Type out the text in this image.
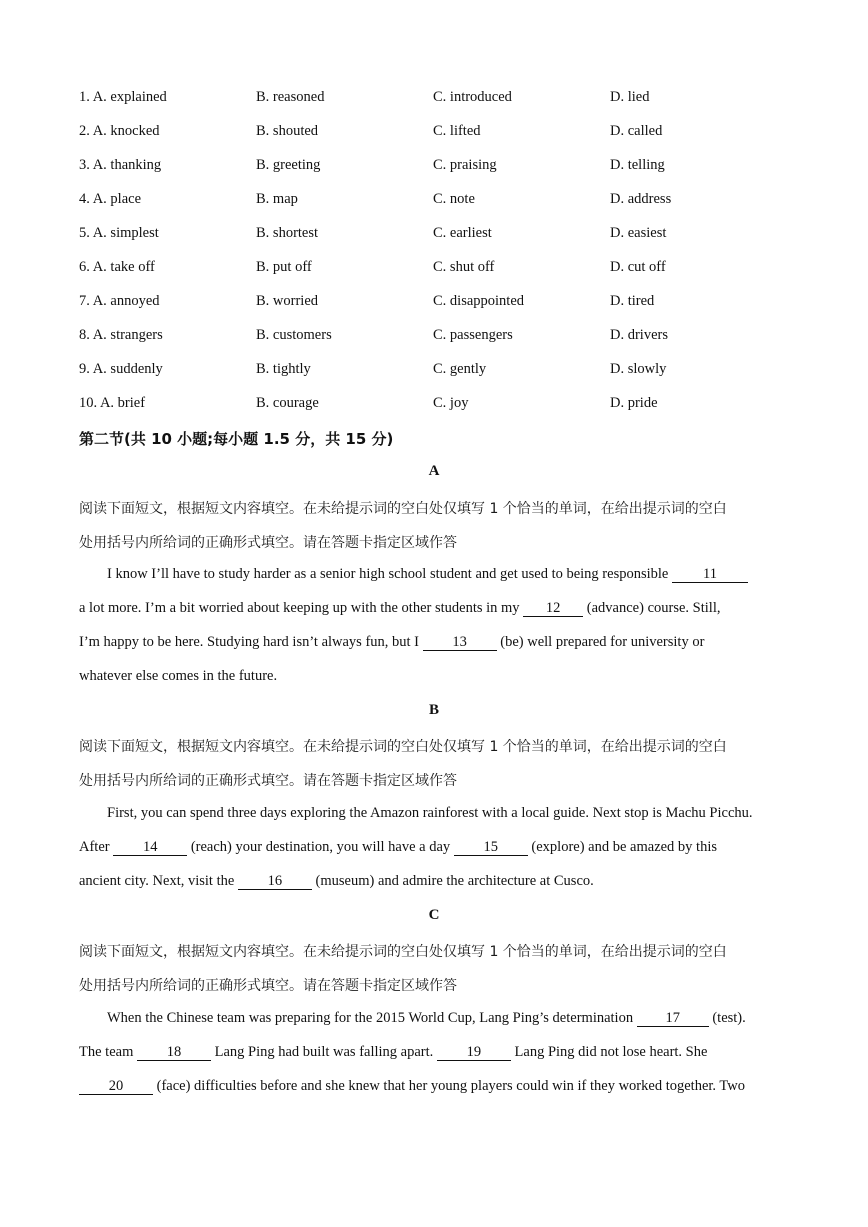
1. A. explained	B. reasoned	C. introduced	D. lied
2. A. knocked	B. shouted	C. lifted	D. called
3. A. thanking	B. greeting	C. praising	D. telling
4. A. place	B. map	C. note	D. address
5. A. simplest	B. shortest	C. earliest	D. easiest
6. A. take off	B. put off	C. shut off	D. cut off
7. A. annoyed	B. worried	C. disappointed	D. tired
8. A. strangers	B. customers	C. passengers	D. drivers
9. A. suddenly	B. tightly	C. gently	D. slowly
10. A. brief	B. courage	C. joy	D. pride
第二节(共 10 小题;每小题 1.5 分，共 15 分)
A
阅读下面短文，根据短文内容填空。在未给提示词的空白处仅填写 1 个恰当的单词，在给出提示词的空白
处用括号内所给词的正确形式填空。请在答题卡指定区域作答
I know I’ll have to study harder as a senior high school student and get used to being responsible 11
a lot more. I’m a bit worried about keeping up with the other students in my 12 (advance) course. Still,
I’m happy to be here. Studying hard isn’t always fun, but I 13 (be) well prepared for university or
whatever else comes in the future.
B
阅读下面短文，根据短文内容填空。在未给提示词的空白处仅填写 1 个恰当的单词，在给出提示词的空白
处用括号内所给词的正确形式填空。请在答题卡指定区域作答
First, you can spend three days exploring the Amazon rainforest with a local guide. Next stop is Machu Picchu.
After 14 (reach) your destination, you will have a day 15 (explore) and be amazed by this
ancient city. Next, visit the 16 (museum) and admire the architecture at Cusco.
C
阅读下面短文，根据短文内容填空。在未给提示词的空白处仅填写 1 个恰当的单词，在给出提示词的空白
处用括号内所给词的正确形式填空。请在答题卡指定区域作答
When the Chinese team was preparing for the 2015 World Cup, Lang Ping’s determination 17 (test).
The team 18 Lang Ping had built was falling apart. 19 Lang Ping did not lose heart. She
20 (face) difficulties before and she knew that her young players could win if they worked together. Two
